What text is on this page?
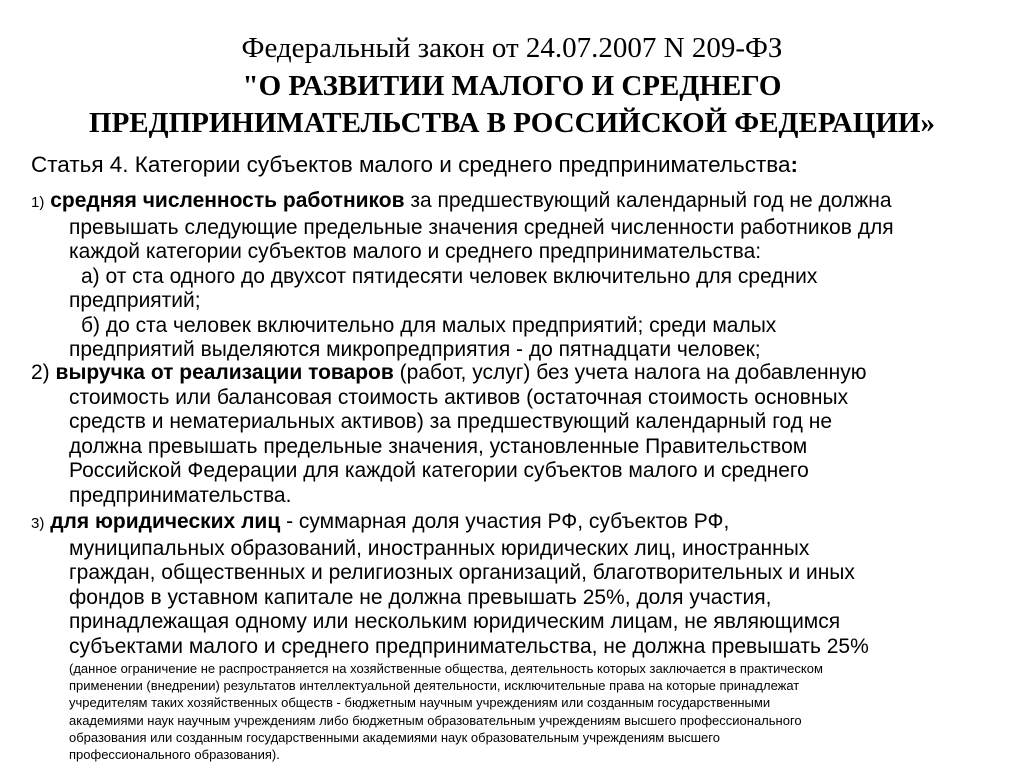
Федеральный закон от 24.07.2007 N 209-ФЗ
"О РАЗВИТИИ МАЛОГО И СРЕДНЕГО
ПРЕДПРИНИМАТЕЛЬСТВА В РОССИЙСКОЙ ФЕДЕРАЦИИ»
Статья 4. Категории субъектов малого и среднего предпринимательства:
1) средняя численность работников за предшествующий календарный год не должна
превышать следующие предельные значения средней численности работников для
каждой категории субъектов малого и среднего предпринимательства:
а) от ста одного до двухсот пятидесяти человек включительно для средних
предприятий;
б) до ста человек включительно для малых предприятий; среди малых
предприятий выделяются микропредприятия - до пятнадцати человек;
2) выручка от реализации товаров (работ, услуг) без учета налога на добавленную
стоимость или балансовая стоимость активов (остаточная стоимость основных
средств и нематериальных активов) за предшествующий календарный год не
должна превышать предельные значения, установленные Правительством
Российской Федерации для каждой категории субъектов малого и среднего
предпринимательства.
3) для юридических лиц - суммарная доля участия РФ, субъектов РФ,
муниципальных образований, иностранных юридических лиц, иностранных
граждан, общественных и религиозных организаций, благотворительных и иных
фондов в уставном капитале не должна превышать 25%, доля участия,
принадлежащая одному или нескольким юридическим лицам, не являющимся
субъектами малого и среднего предпринимательства, не должна превышать 25%
(данное ограничение не распространяется на хозяйственные общества, деятельность которых заключается в практическом
применении (внедрении) результатов интеллектуальной деятельности, исключительные права на которые принадлежат
учредителям таких хозяйственных обществ - бюджетным научным учреждениям или созданным государственными
академиями наук научным учреждениям либо бюджетным образовательным учреждениям высшего профессионального
образования или созданным государственными академиями наук образовательным учреждениям высшего
профессионального образования).
